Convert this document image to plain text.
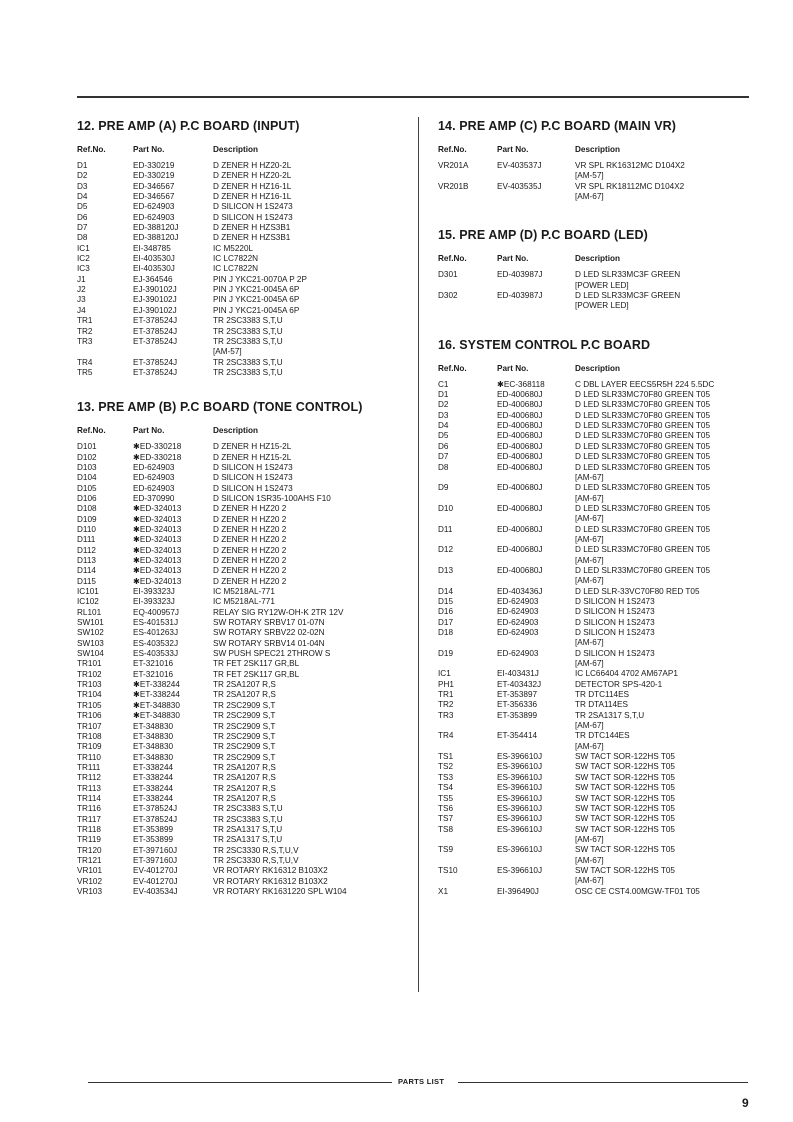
12. PRE AMP (A) P.C BOARD (INPUT)
Ref.No.	Part No.	Description
D1	ED-330219	D ZENER H HZ20-2L
D2	ED-330219	D ZENER H HZ20-2L
D3	ED-346567	D ZENER H HZ16-1L
D4	ED-346567	D ZENER H HZ16-1L
D5	ED-624903	D SILICON H 1S2473
D6	ED-624903	D SILICON H 1S2473
D7	ED-388120J	D ZENER H HZS3B1
D8	ED-388120J	D ZENER H HZS3B1
IC1	EI-348785	IC M5220L
IC2	EI-403530J	IC LC7822N
IC3	EI-403530J	IC LC7822N
J1	EJ-364546	PIN J YKC21-0070A P 2P
J2	EJ-390102J	PIN J YKC21-0045A 6P
J3	EJ-390102J	PIN J YKC21-0045A 6P
J4	EJ-390102J	PIN J YKC21-0045A 6P
TR1	ET-378524J	TR 2SC3383 S,T,U
TR2	ET-378524J	TR 2SC3383 S,T,U
TR3	ET-378524J	TR 2SC3383 S,T,U
[AM-57]
TR4	ET-378524J	TR 2SC3383 S,T,U
TR5	ET-378524J	TR 2SC3383 S,T,U
13. PRE AMP (B) P.C BOARD (TONE CONTROL)
Ref.No.	Part No.	Description
D101	✱ED-330218	D ZENER H HZ15-2L
D102	✱ED-330218	D ZENER H HZ15-2L
D103	ED-624903	D SILICON H 1S2473
D104	ED-624903	D SILICON H 1S2473
D105	ED-624903	D SILICON H 1S2473
D106	ED-370990	D SILICON 1SR35-100AHS F10
D108	✱ED-324013	D ZENER H HZ20 2
D109	✱ED-324013	D ZENER H HZ20 2
D110	✱ED-324013	D ZENER H HZ20 2
D111	✱ED-324013	D ZENER H HZ20 2
D112	✱ED-324013	D ZENER H HZ20 2
D113	✱ED-324013	D ZENER H HZ20 2
D114	✱ED-324013	D ZENER H HZ20 2
D115	✱ED-324013	D ZENER H HZ20 2
IC101	EI-393323J	IC M5218AL-771
IC102	EI-393323J	IC M5218AL-771
RL101	EQ-400957J	RELAY SIG RY12W-OH-K 2TR 12V
SW101	ES-401531J	SW ROTARY SRBV17 01-07N
SW102	ES-401263J	SW ROTARY SRBV22 02-02N
SW103	ES-403532J	SW ROTARY SRBV14 01-04N
SW104	ES-403533J	SW PUSH SPEC21 2THROW S
TR101	ET-321016	TR FET 2SK117 GR,BL
TR102	ET-321016	TR FET 2SK117 GR,BL
TR103	✱ET-338244	TR 2SA1207 R,S
TR104	✱ET-338244	TR 2SA1207 R,S
TR105	✱ET-348830	TR 2SC2909 S,T
TR106	✱ET-348830	TR 2SC2909 S,T
TR107	ET-348830	TR 2SC2909 S,T
TR108	ET-348830	TR 2SC2909 S,T
TR109	ET-348830	TR 2SC2909 S,T
TR110	ET-348830	TR 2SC2909 S,T
TR111	ET-338244	TR 2SA1207 R,S
TR112	ET-338244	TR 2SA1207 R,S
TR113	ET-338244	TR 2SA1207 R,S
TR114	ET-338244	TR 2SA1207 R,S
TR116	ET-378524J	TR 2SC3383 S,T,U
TR117	ET-378524J	TR 2SC3383 S,T,U
TR118	ET-353899	TR 2SA1317 S,T,U
TR119	ET-353899	TR 2SA1317 S,T,U
TR120	ET-397160J	TR 2SC3330 R,S,T,U,V
TR121	ET-397160J	TR 2SC3330 R,S,T,U,V
VR101	EV-401270J	VR ROTARY RK16312 B103X2
VR102	EV-401270J	VR ROTARY RK16312 B103X2
VR103	EV-403534J	VR ROTARY RK1631220 SPL W104
14. PRE AMP (C) P.C BOARD (MAIN VR)
Ref.No.	Part No.	Description
VR201A	EV-403537J	VR SPL RK16312MC D104X2
[AM-57]
VR201B	EV-403535J	VR SPL RK18112MC D104X2
[AM-67]
15. PRE AMP (D) P.C BOARD (LED)
Ref.No.	Part No.	Description
D301	ED-403987J	D LED SLR33MC3F GREEN
[POWER LED]
D302	ED-403987J	D LED SLR33MC3F GREEN
[POWER LED]
16. SYSTEM CONTROL P.C BOARD
Ref.No.	Part No.	Description
C1	✱EC-368118	C DBL LAYER EECS5R5H 224 5.5DC
D1	ED-400680J	D LED SLR33MC70F80 GREEN T05
D2	ED-400680J	D LED SLR33MC70F80 GREEN T05
D3	ED-400680J	D LED SLR33MC70F80 GREEN T05
D4	ED-400680J	D LED SLR33MC70F80 GREEN T05
D5	ED-400680J	D LED SLR33MC70F80 GREEN T05
D6	ED-400680J	D LED SLR33MC70F80 GREEN T05
D7	ED-400680J	D LED SLR33MC70F80 GREEN T05
D8	ED-400680J	D LED SLR33MC70F80 GREEN T05
[AM-67]
D9	ED-400680J	D LED SLR33MC70F80 GREEN T05
[AM-67]
D10	ED-400680J	D LED SLR33MC70F80 GREEN T05
[AM-67]
D11	ED-400680J	D LED SLR33MC70F80 GREEN T05
[AM-67]
D12	ED-400680J	D LED SLR33MC70F80 GREEN T05
[AM-67]
D13	ED-400680J	D LED SLR33MC70F80 GREEN T05
[AM-67]
D14	ED-403436J	D LED SLR-33VC70F80 RED T05
D15	ED-624903	D SILICON H 1S2473
D16	ED-624903	D SILICON H 1S2473
D17	ED-624903	D SILICON H 1S2473
D18	ED-624903	D SILICON H 1S2473
[AM-67]
D19	ED-624903	D SILICON H 1S2473
[AM-67]
IC1	EI-403431J	IC LC66404 4702 AM67AP1
PH1	ET-403432J	DETECTOR SPS-420-1
TR1	ET-353897	TR DTC114ES
TR2	ET-356336	TR DTA114ES
TR3	ET-353899	TR 2SA1317 S,T,U
[AM-67]
TR4	ET-354414	TR DTC144ES
[AM-67]
TS1	ES-396610J	SW TACT SOR-122HS T05
TS2	ES-396610J	SW TACT SOR-122HS T05
TS3	ES-396610J	SW TACT SOR-122HS T05
TS4	ES-396610J	SW TACT SOR-122HS T05
TS5	ES-396610J	SW TACT SOR-122HS T05
TS6	ES-396610J	SW TACT SOR-122HS T05
TS7	ES-396610J	SW TACT SOR-122HS T05
TS8	ES-396610J	SW TACT SOR-122HS T05
[AM-67]
TS9	ES-396610J	SW TACT SOR-122HS T05
[AM-67]
TS10	ES-396610J	SW TACT SOR-122HS T05
[AM-67]
X1	EI-396490J	OSC CE CST4.00MGW-TF01 T05
PARTS LIST
9
